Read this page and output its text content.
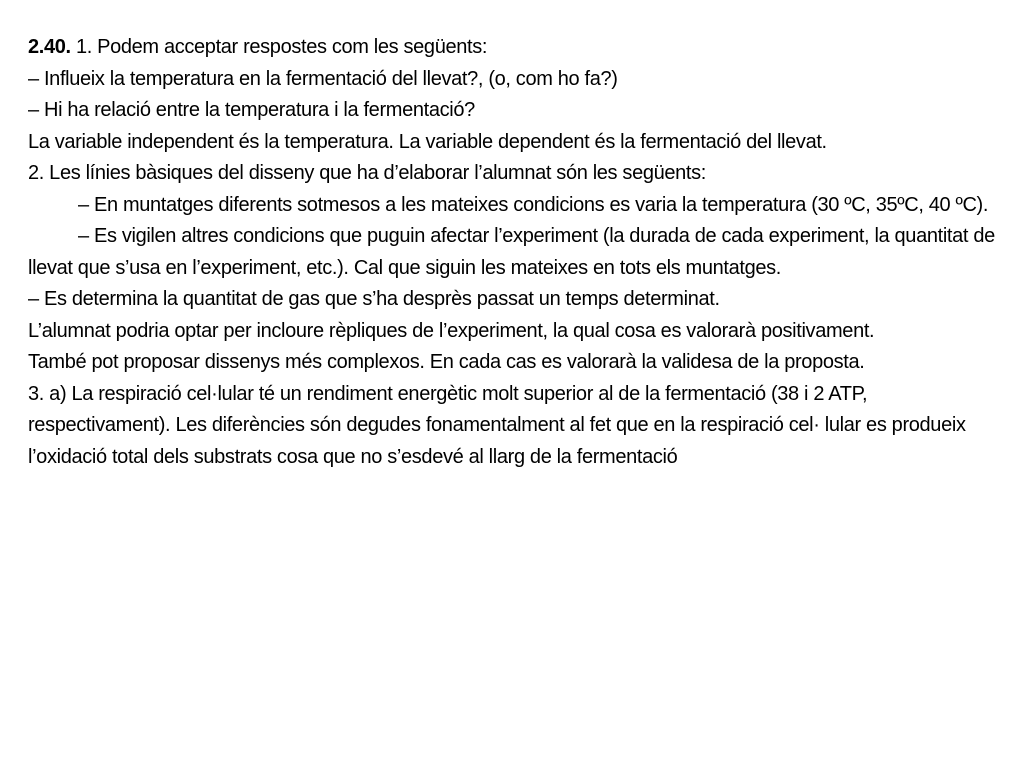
2.40. 1. Podem acceptar respostes com les següents:

– Influeix la temperatura en la fermentació del llevat?, (o, com ho fa?)

– Hi ha relació entre la temperatura i la fermentació?

La variable independent és la temperatura. La variable dependent és la fermentació del llevat.

2. Les línies bàsiques del disseny que ha d’elaborar l’alumnat són les següents:

– En muntatges diferents sotmesos a les mateixes condicions es varia la temperatura (30 ºC, 35ºC, 40 ºC).

– Es vigilen altres condicions que puguin afectar l’experiment (la durada de cada experiment, la quantitat de llevat que s’usa en l’experiment, etc.). Cal que siguin les mateixes en tots els muntatges.

– Es determina la quantitat de gas que s’ha desprès passat un temps determinat.

L’alumnat podria optar per incloure rèpliques de l’experiment, la qual cosa es valorarà positivament.

També pot proposar dissenys més complexos. En cada cas es valorarà la validesa de la proposta.

3. a) La respiració cel·lular té un rendiment energètic molt superior al de la fermentació (38 i 2 ATP, respectivament). Les diferències són degudes fonamentalment al fet que en la respiració cel· lular es produeix l’oxidació total dels substrats cosa que no s’esdevé al llarg de la fermentació
